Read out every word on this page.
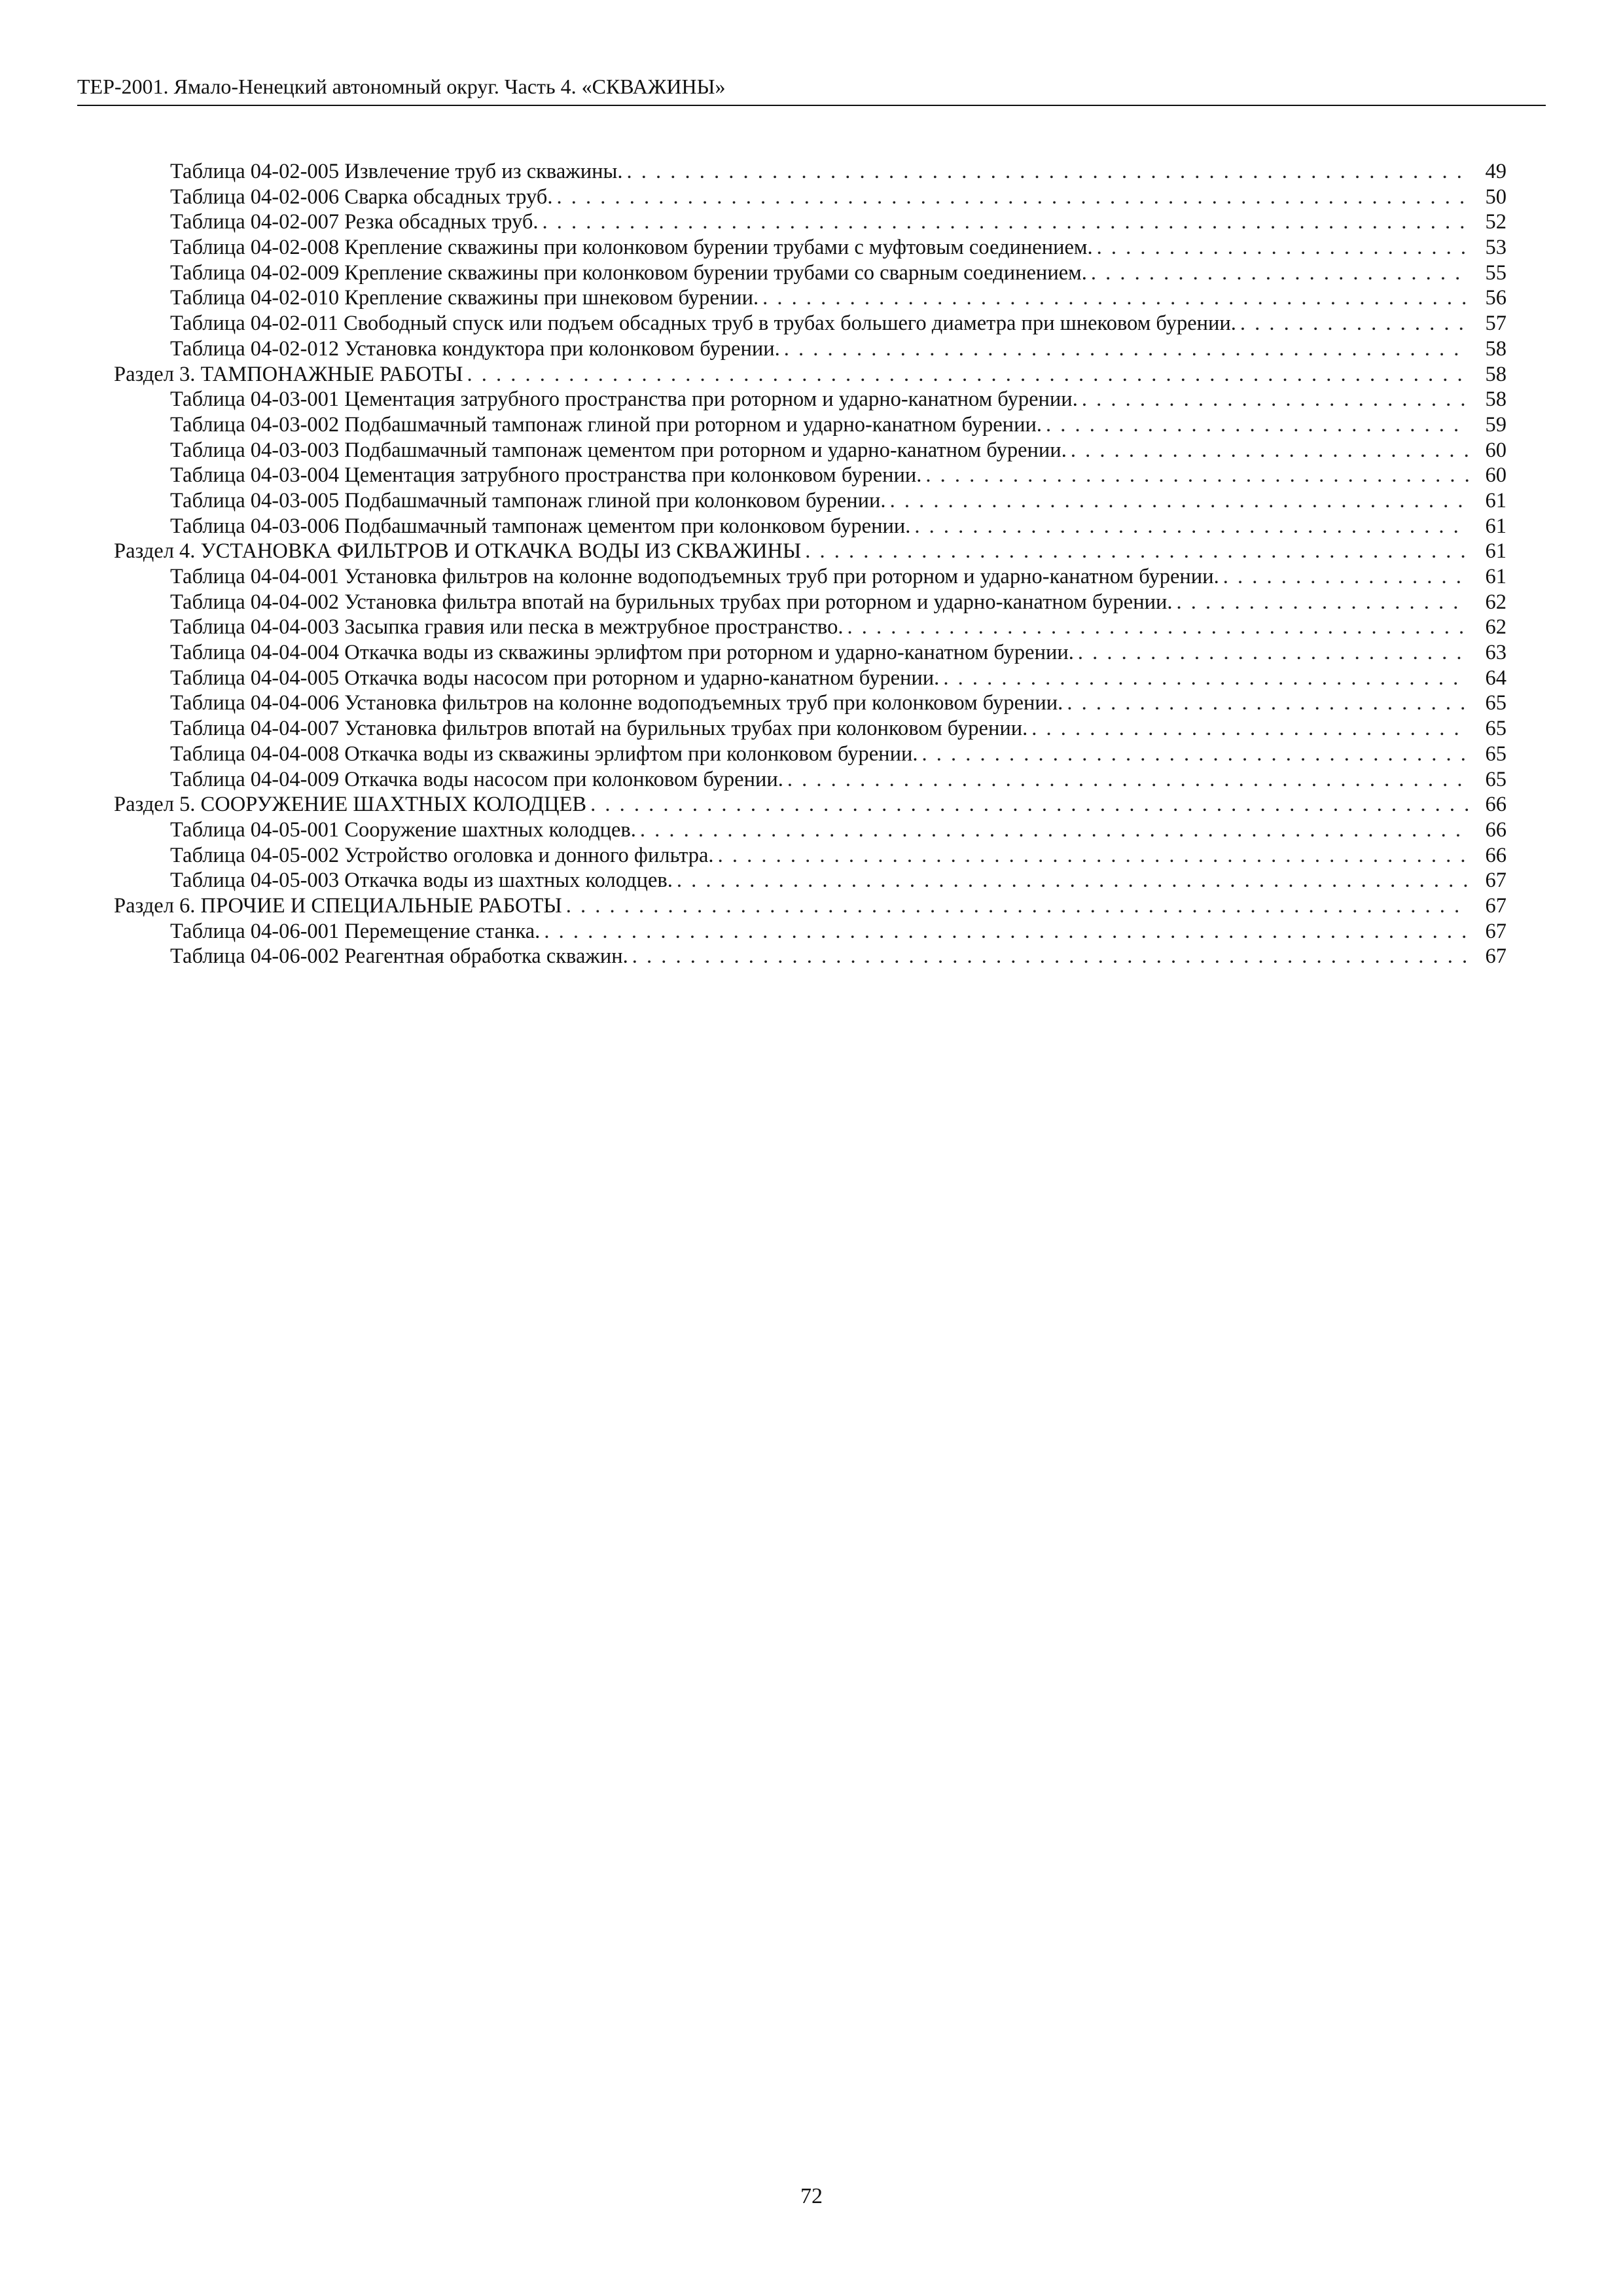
ТЕР-2001. Ямало-Ненецкий автономный округ. Часть 4. «СКВАЖИНЫ»
Таблица 04-02-005 Извлечение труб из скважины. . . .	49
Таблица 04-02-006 Сварка обсадных труб. . . .	50
Таблица 04-02-007 Резка обсадных труб. . . .	52
Таблица 04-02-008 Крепление скважины при колонковом бурении трубами с муфтовым соединением. . . .	53
Таблица 04-02-009 Крепление скважины при колонковом бурении трубами со сварным соединением. . . .	55
Таблица 04-02-010 Крепление скважины при шнековом бурении. . . .	56
Таблица 04-02-011 Свободный спуск или подъем обсадных труб в трубах большего диаметра при шнековом бурении. . . .	57
Таблица 04-02-012 Установка кондуктора при колонковом бурении. . . .	58
Раздел 3. ТАМПОНАЖНЫЕ РАБОТЫ . . .	58
Таблица 04-03-001 Цементация затрубного пространства при роторном и ударно-канатном бурении. . . .	58
Таблица 04-03-002 Подбашмачный тампонаж глиной при роторном и ударно-канатном бурении. . . .	59
Таблица 04-03-003 Подбашмачный тампонаж цементом при роторном и ударно-канатном бурении. . . .	60
Таблица 04-03-004 Цементация затрубного пространства при колонковом бурении. . . .	60
Таблица 04-03-005 Подбашмачный тампонаж глиной при колонковом бурении. . . .	61
Таблица 04-03-006 Подбашмачный тампонаж цементом при колонковом бурении. . . .	61
Раздел 4. УСТАНОВКА ФИЛЬТРОВ И ОТКАЧКА ВОДЫ ИЗ СКВАЖИНЫ . . .	61
Таблица 04-04-001 Установка фильтров на колонне водоподъемных труб при роторном и ударно-канатном бурении. . . .	61
Таблица 04-04-002 Установка фильтра впотай на бурильных трубах при роторном и ударно-канатном бурении. . . .	62
Таблица 04-04-003 Засыпка гравия или песка в межтрубное пространство. . . .	62
Таблица 04-04-004 Откачка воды из скважины эрлифтом при роторном и ударно-канатном бурении. . . .	63
Таблица 04-04-005 Откачка воды насосом при роторном и ударно-канатном бурении. . . .	64
Таблица 04-04-006 Установка фильтров на колонне водоподъемных труб при колонковом бурении. . . .	65
Таблица 04-04-007 Установка фильтров впотай на бурильных трубах при колонковом бурении. . . .	65
Таблица 04-04-008 Откачка воды из скважины эрлифтом при колонковом бурении. . . .	65
Таблица 04-04-009 Откачка воды насосом при колонковом бурении. . . .	65
Раздел 5. СООРУЖЕНИЕ ШАХТНЫХ КОЛОДЦЕВ . . .	66
Таблица 04-05-001 Сооружение шахтных колодцев. . . .	66
Таблица 04-05-002 Устройство оголовка и донного фильтра. . . .	66
Таблица 04-05-003 Откачка воды из шахтных колодцев. . . .	67
Раздел 6. ПРОЧИЕ И СПЕЦИАЛЬНЫЕ РАБОТЫ . . .	67
Таблица 04-06-001 Перемещение станка. . . .	67
Таблица 04-06-002 Реагентная обработка скважин. . . .	67
72
